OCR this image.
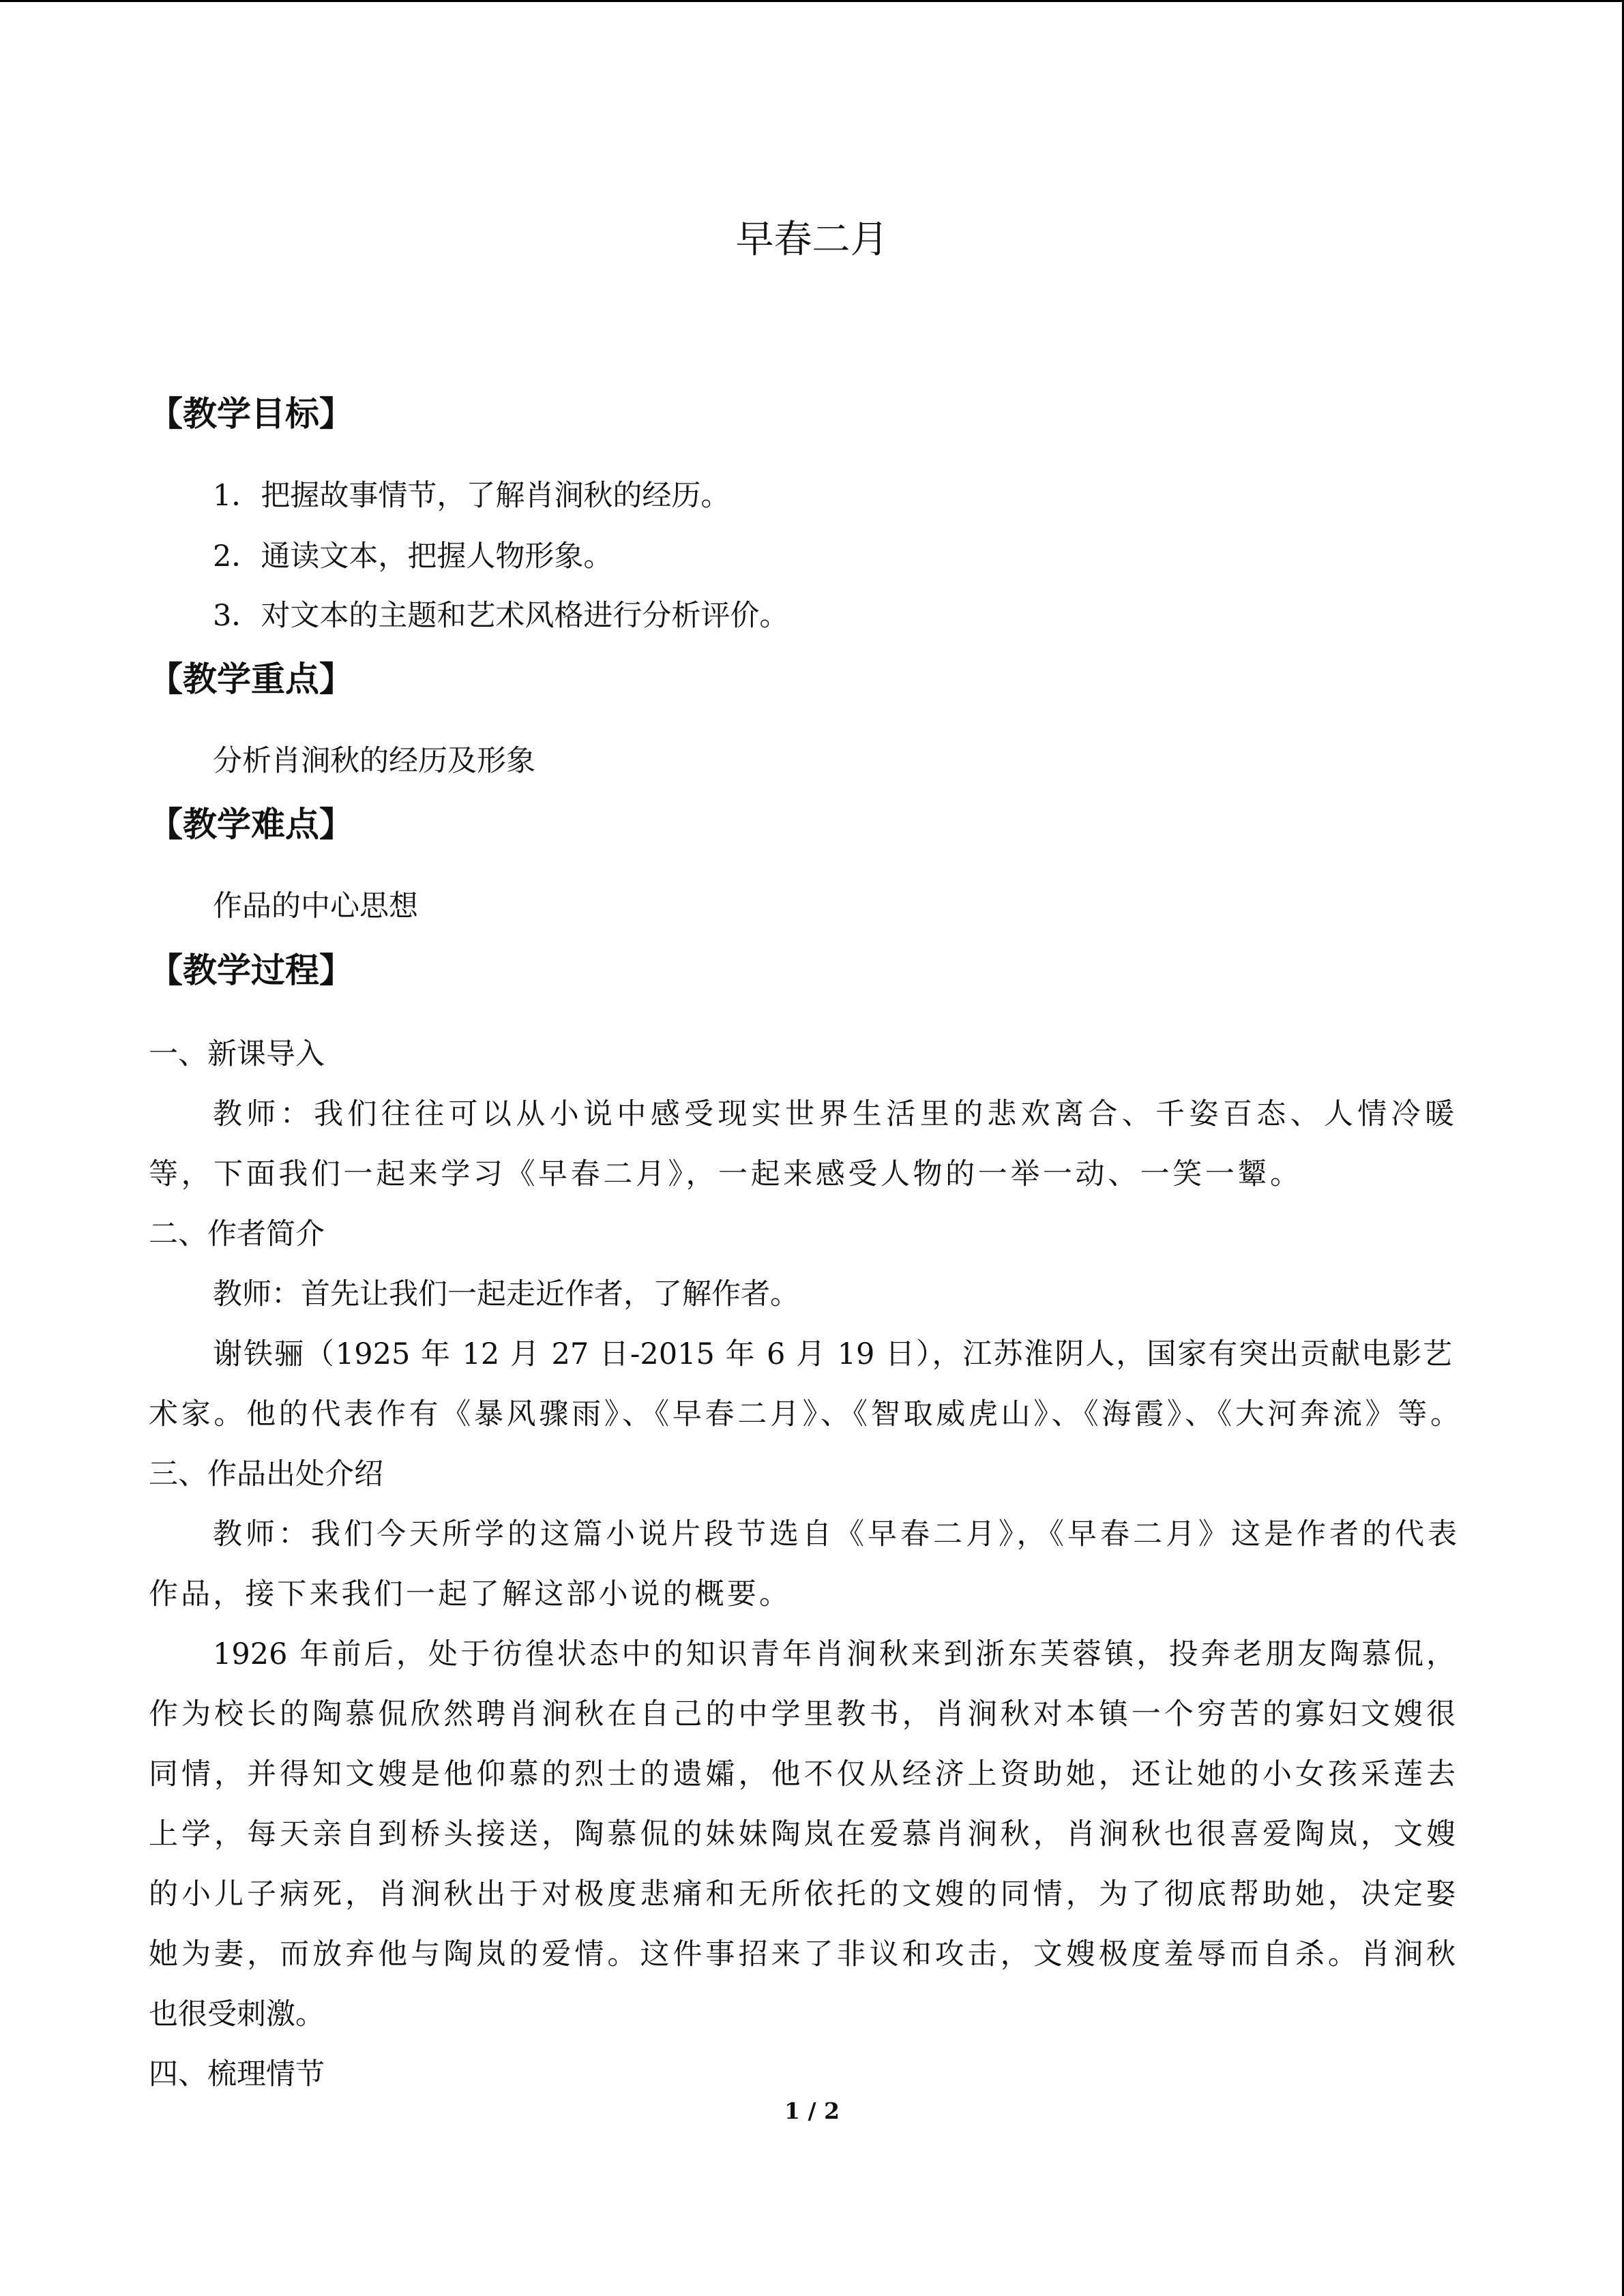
早春二月
【教学目标】
1．把握故事情节，了解肖涧秋的经历。
2．通读文本，把握人物形象。
3．对文本的主题和艺术风格进行分析评价。
【教学重点】
分析肖涧秋的经历及形象
【教学难点】
作品的中心思想
【教学过程】
一、新课导入
教师：我们往往可以从小说中感受现实世界生活里的悲欢离合、千姿百态、人情冷暖
等，下面我们一起来学习《早春二月》，一起来感受人物的一举一动、一笑一颦。
二、作者简介
教师：首先让我们一起走近作者，了解作者。
谢铁骊（1925 年 12 月 27 日-2015 年 6 月 19 日），江苏淮阴人，国家有突出贡献电影艺
术家。他的代表作有《暴风骤雨》、《早春二月》、《智取威虎山》、《海霞》、《大河奔流》等。
三、作品出处介绍
教师：我们今天所学的这篇小说片段节选自《早春二月》，《早春二月》这是作者的代表
作品，接下来我们一起了解这部小说的概要。
1926 年前后，处于彷徨状态中的知识青年肖涧秋来到浙东芙蓉镇，投奔老朋友陶慕侃，
作为校长的陶慕侃欣然聘肖涧秋在自己的中学里教书，肖涧秋对本镇一个穷苦的寡妇文嫂很
同情，并得知文嫂是他仰慕的烈士的遗孀，他不仅从经济上资助她，还让她的小女孩采莲去
上学，每天亲自到桥头接送，陶慕侃的妹妹陶岚在爱慕肖涧秋，肖涧秋也很喜爱陶岚，文嫂
的小儿子病死，肖涧秋出于对极度悲痛和无所依托的文嫂的同情，为了彻底帮助她，决定娶
她为妻，而放弃他与陶岚的爱情。这件事招来了非议和攻击，文嫂极度羞辱而自杀。肖涧秋
也很受刺激。
四、梳理情节
1 / 2
